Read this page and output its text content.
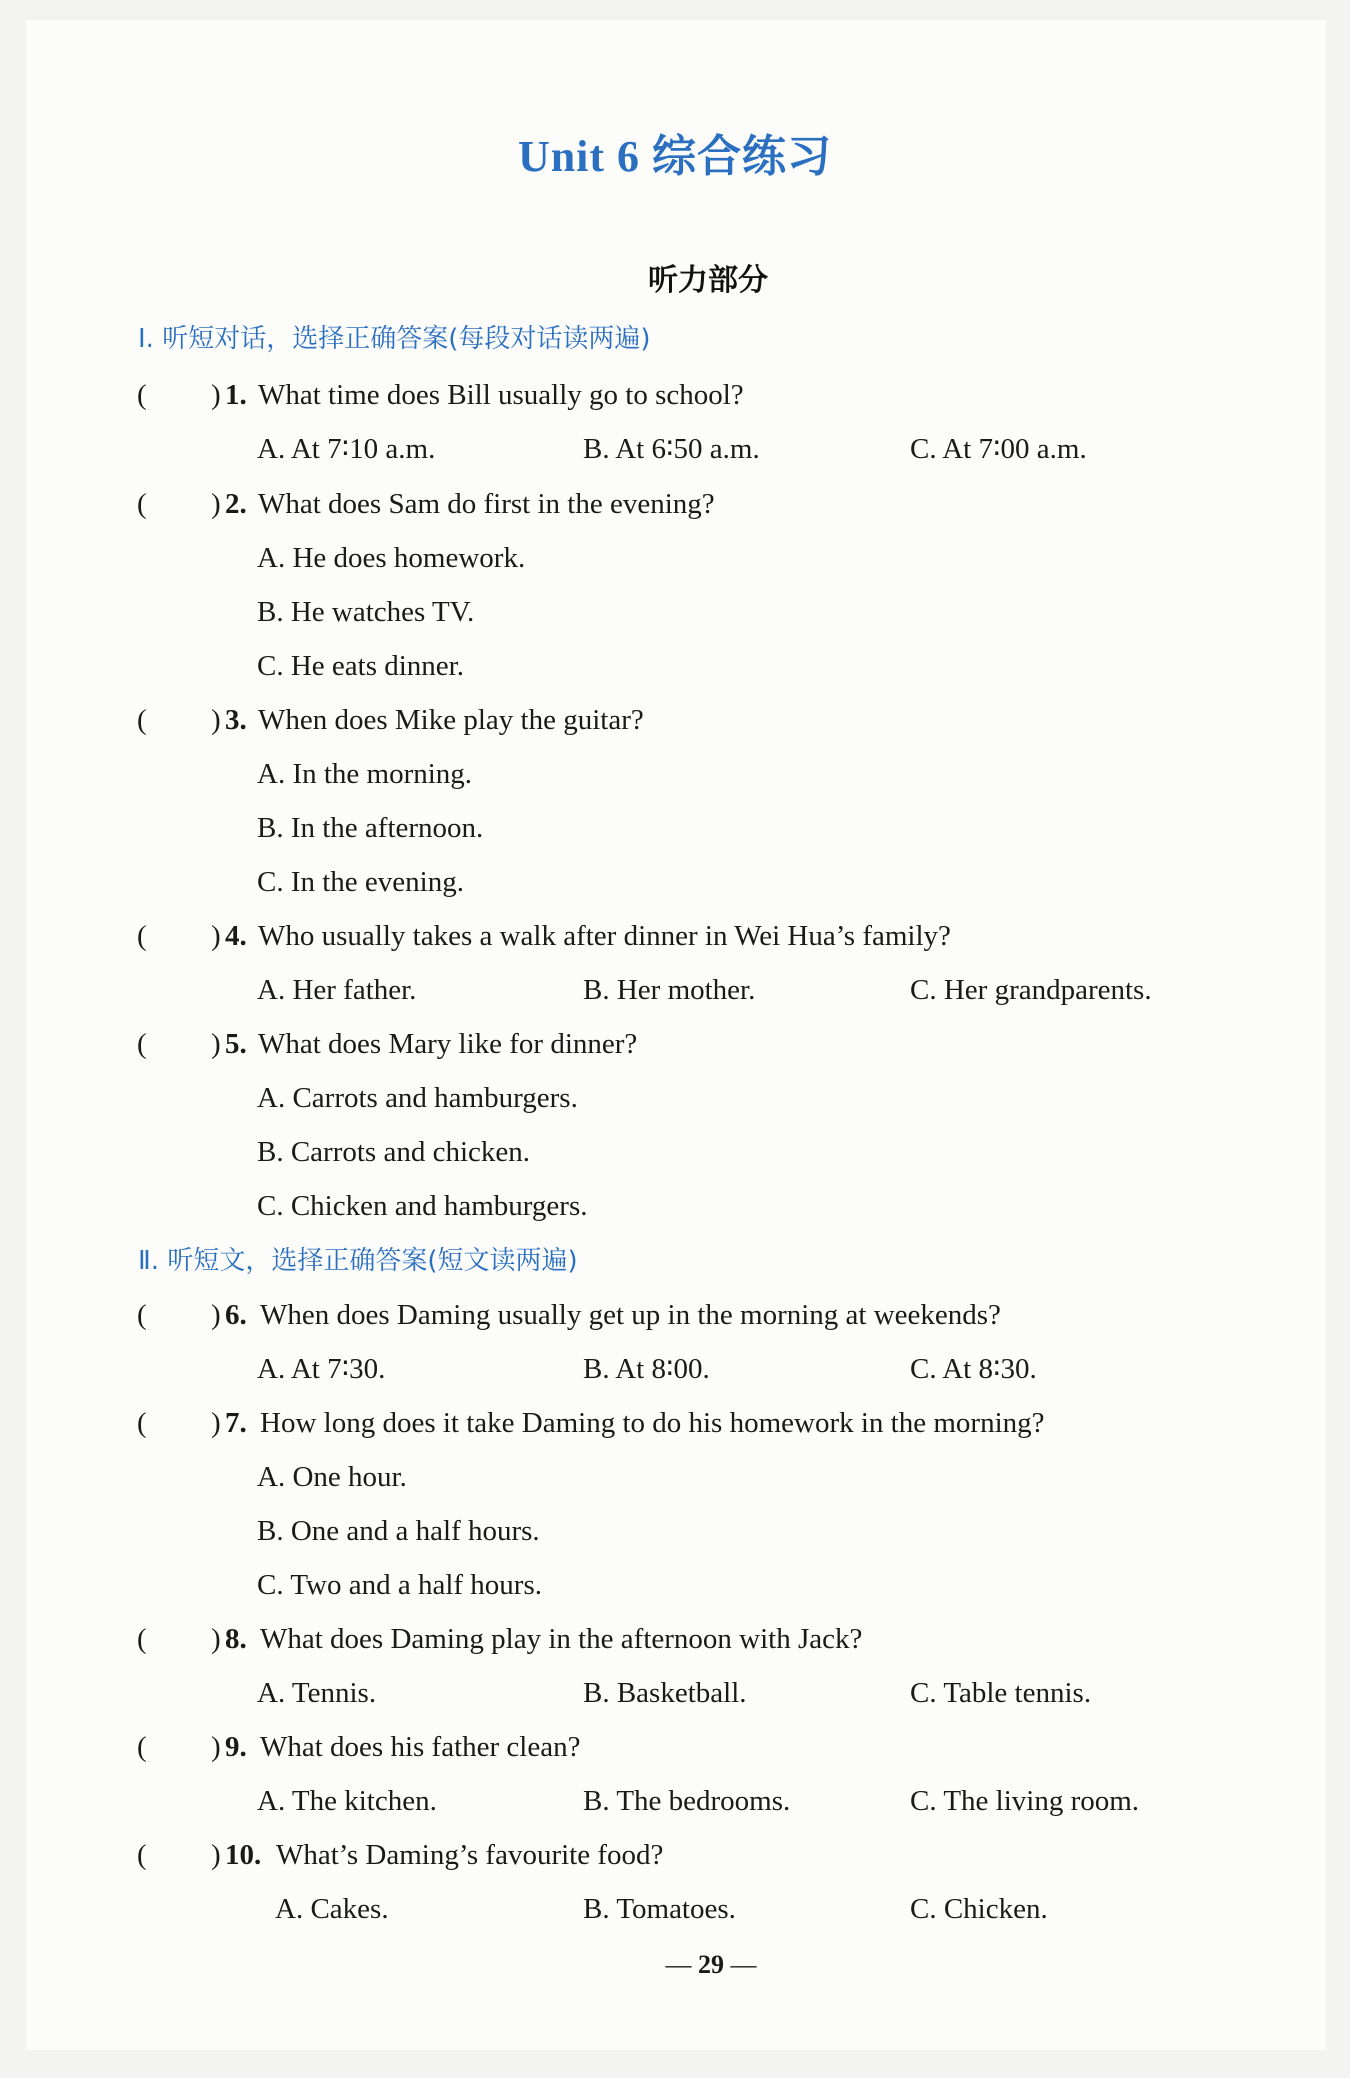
Unit 6 综合练习
听力部分
Ⅰ. 听短对话，选择正确答案(每段对话读两遍)
Ⅱ. 听短文，选择正确答案(短文读两遍)
( ) 1. What time does Bill usually go to school?
A. At 7∶10 a.m.	B. At 6∶50 a.m.	C. At 7∶00 a.m.
( ) 2. What does Sam do first in the evening?
A. He does homework.
B. He watches TV.
C. He eats dinner.
( ) 3. When does Mike play the guitar?
A. In the morning.
B. In the afternoon.
C. In the evening.
( ) 4. Who usually takes a walk after dinner in Wei Hua’s family?
A. Her father.	B. Her mother.	C. Her grandparents.
( ) 5. What does Mary like for dinner?
A. Carrots and hamburgers.
B. Carrots and chicken.
C. Chicken and hamburgers.
( ) 6. When does Daming usually get up in the morning at weekends?
A. At 7∶30.	B. At 8∶00.	C. At 8∶30.
( ) 7. How long does it take Daming to do his homework in the morning?
A. One hour.
B. One and a half hours.
C. Two and a half hours.
( ) 8. What does Daming play in the afternoon with Jack?
A. Tennis.	B. Basketball.	C. Table tennis.
( ) 9. What does his father clean?
A. The kitchen.	B. The bedrooms.	C. The living room.
( ) 10. What’s Daming’s favourite food?
A. Cakes.	B. Tomatoes.	C. Chicken.
— 29 —
